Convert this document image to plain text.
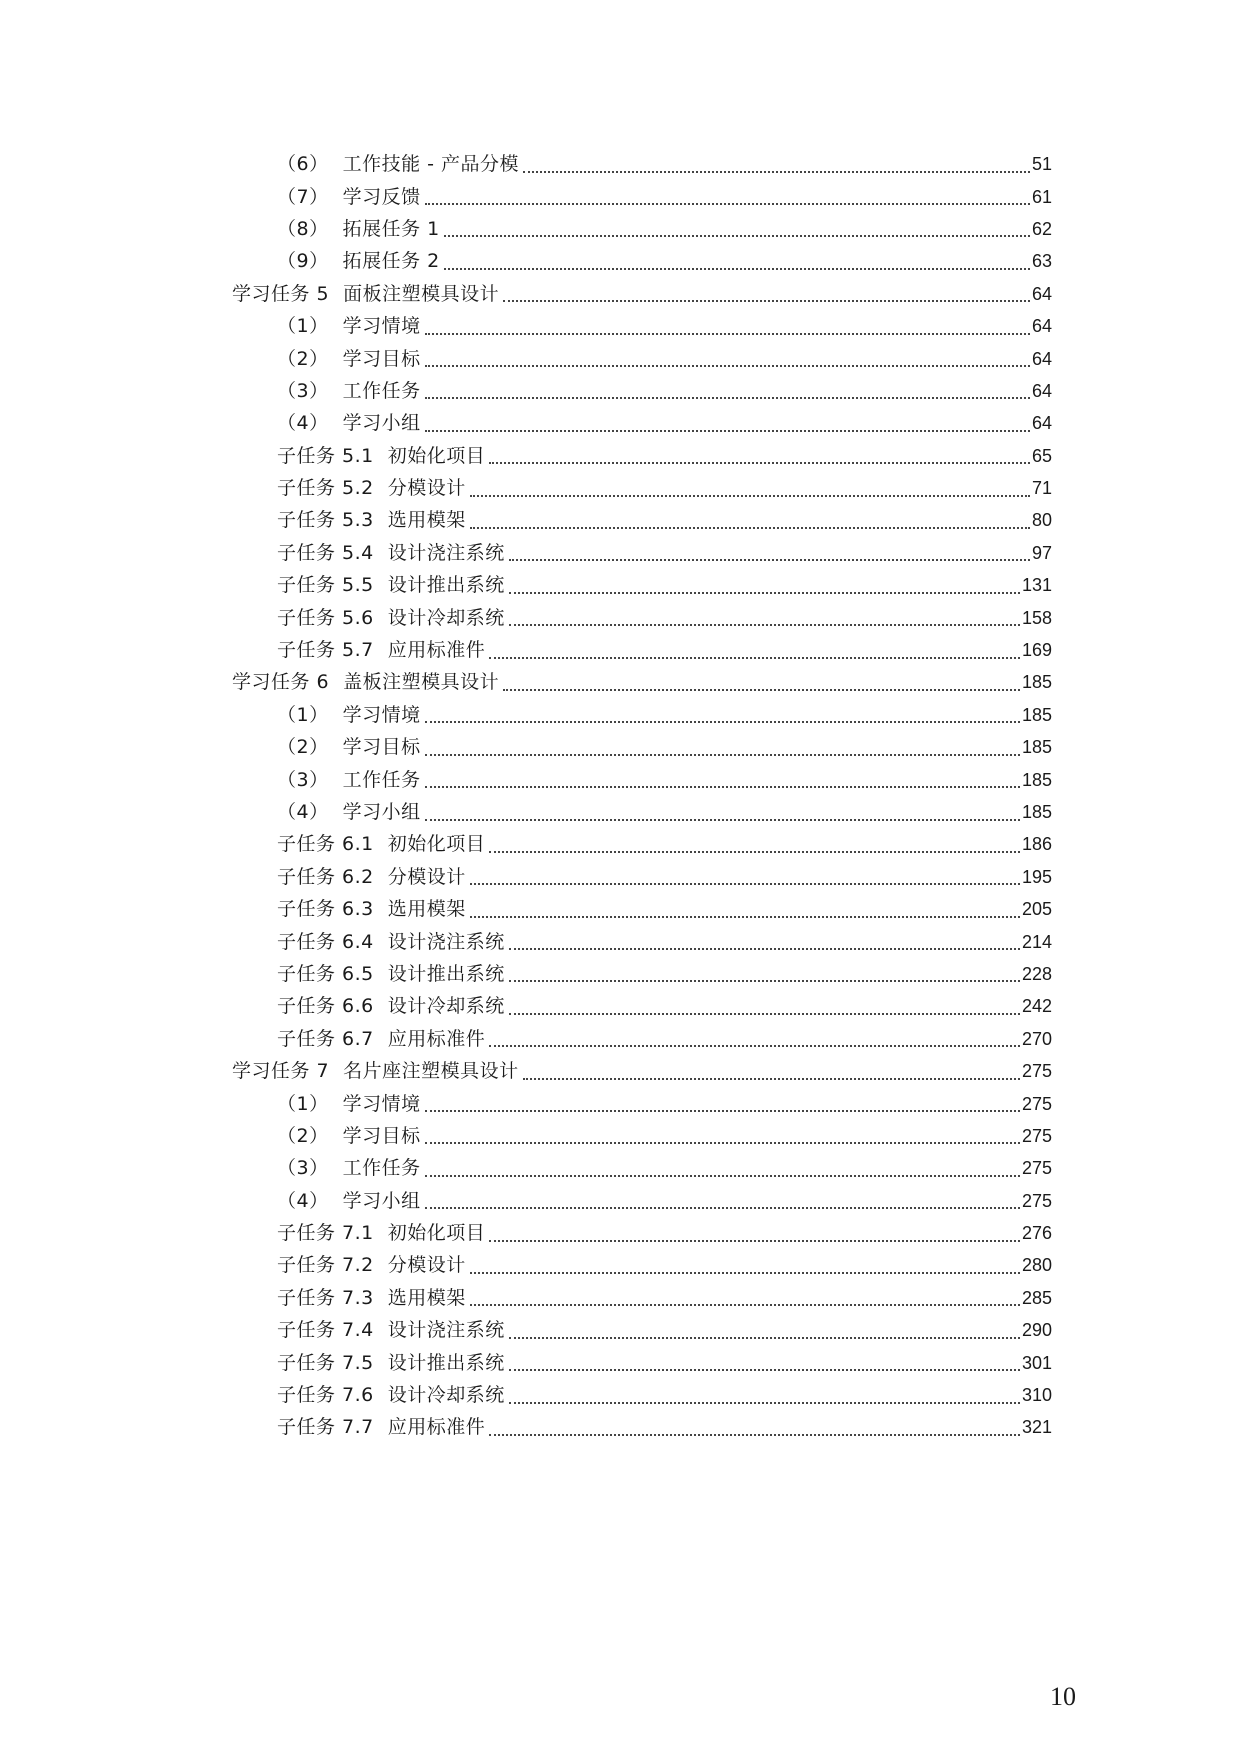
（6） 工作技能 - 产品分模	51
（7） 学习反馈	61
（8） 拓展任务 1	62
（9） 拓展任务 2	63
学习任务 5 面板注塑模具设计	64
（1） 学习情境	64
（2） 学习目标	64
（3） 工作任务	64
（4） 学习小组	64
子任务 5.1 初始化项目	65
子任务 5.2 分模设计	71
子任务 5.3 选用模架	80
子任务 5.4 设计浇注系统	97
子任务 5.5 设计推出系统	131
子任务 5.6 设计冷却系统	158
子任务 5.7 应用标准件	169
学习任务 6 盖板注塑模具设计	185
（1） 学习情境	185
（2） 学习目标	185
（3） 工作任务	185
（4） 学习小组	185
子任务 6.1 初始化项目	186
子任务 6.2 分模设计	195
子任务 6.3 选用模架	205
子任务 6.4 设计浇注系统	214
子任务 6.5 设计推出系统	228
子任务 6.6 设计冷却系统	242
子任务 6.7 应用标准件	270
学习任务 7 名片座注塑模具设计	275
（1） 学习情境	275
（2） 学习目标	275
（3） 工作任务	275
（4） 学习小组	275
子任务 7.1 初始化项目	276
子任务 7.2 分模设计	280
子任务 7.3 选用模架	285
子任务 7.4 设计浇注系统	290
子任务 7.5 设计推出系统	301
子任务 7.6 设计冷却系统	310
子任务 7.7 应用标准件	321
10
